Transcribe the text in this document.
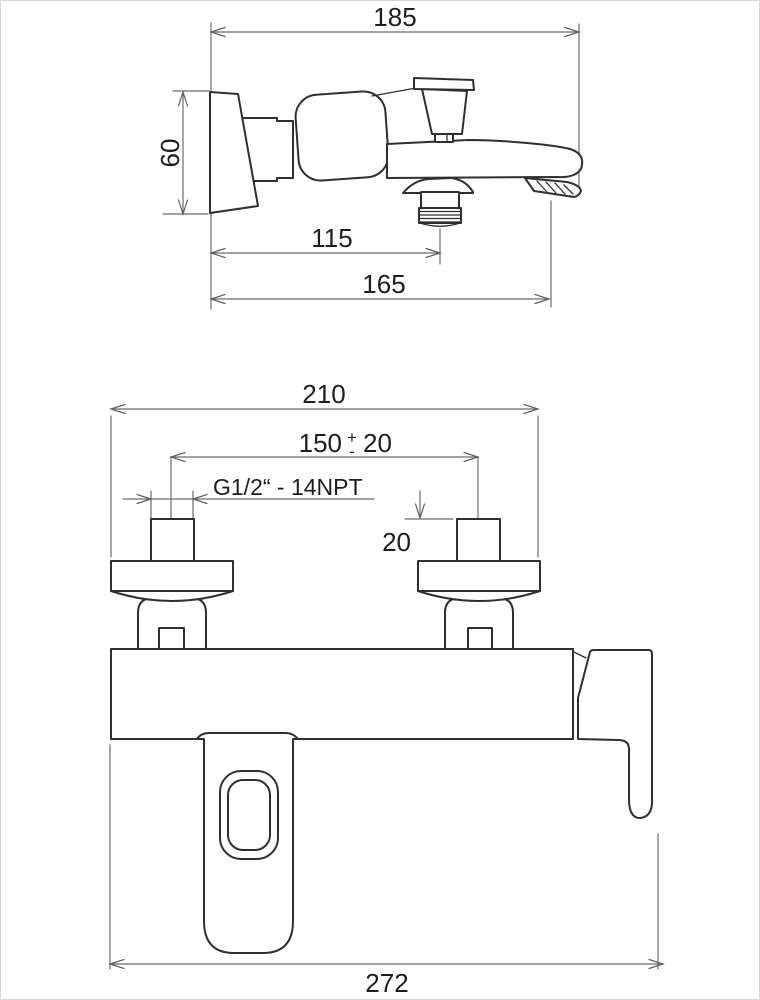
185
60
115
165
210
150 +
- 20
G1/2“ - 14NPT
20
272
